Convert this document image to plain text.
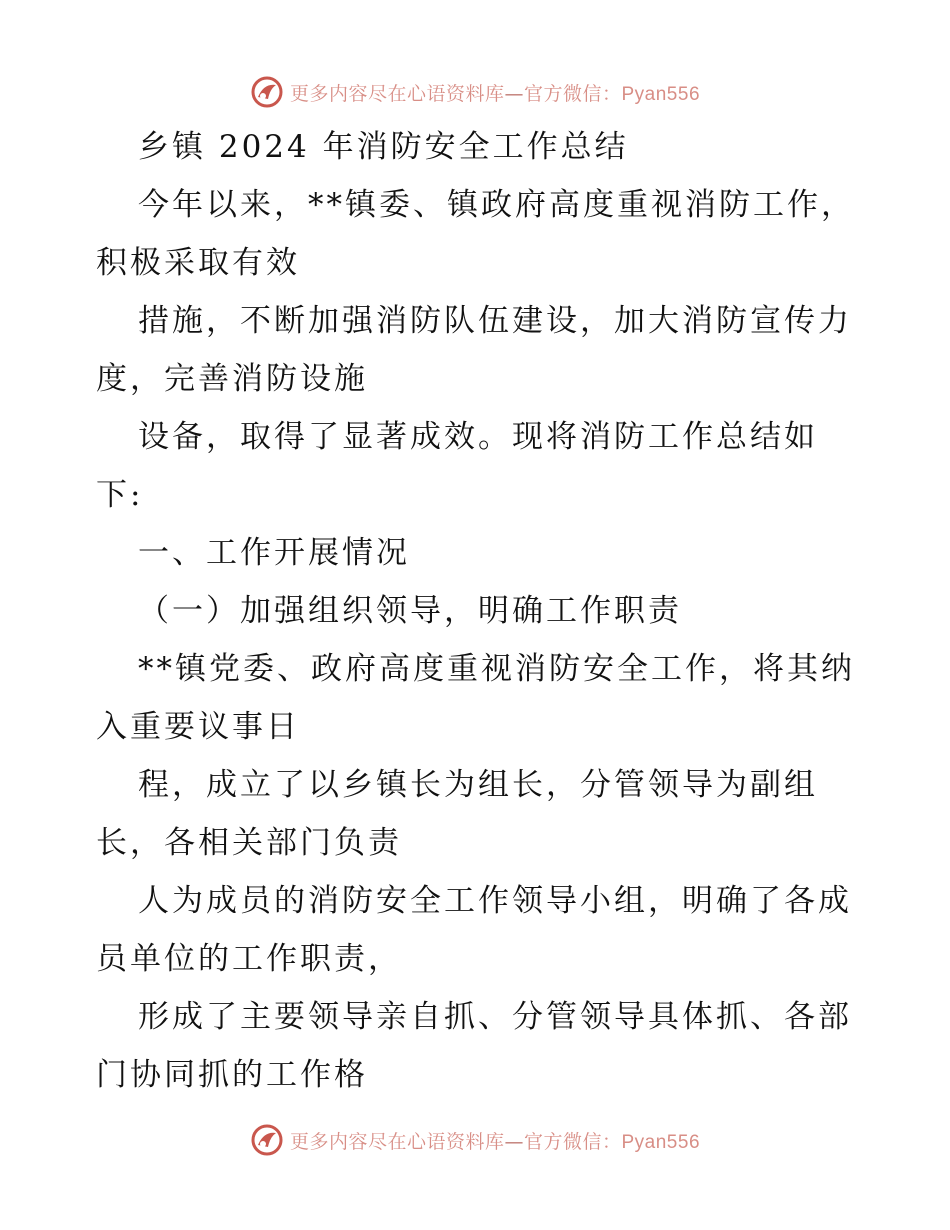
更多内容尽在心语资料库—官方微信：Pyan556
乡镇 2024 年消防安全工作总结
今年以来，**镇委、镇政府高度重视消防工作，
积极采取有效
措施，不断加强消防队伍建设，加大消防宣传力
度，完善消防设施
设备，取得了显著成效。现将消防工作总结如
下:
一、工作开展情况
（一）加强组织领导，明确工作职责
**镇党委、政府高度重视消防安全工作，将其纳
入重要议事日
程，成立了以乡镇长为组长，分管领导为副组
长，各相关部门负责
人为成员的消防安全工作领导小组，明确了各成
员单位的工作职责，
形成了主要领导亲自抓、分管领导具体抓、各部
门协同抓的工作格
更多内容尽在心语资料库—官方微信：Pyan556
